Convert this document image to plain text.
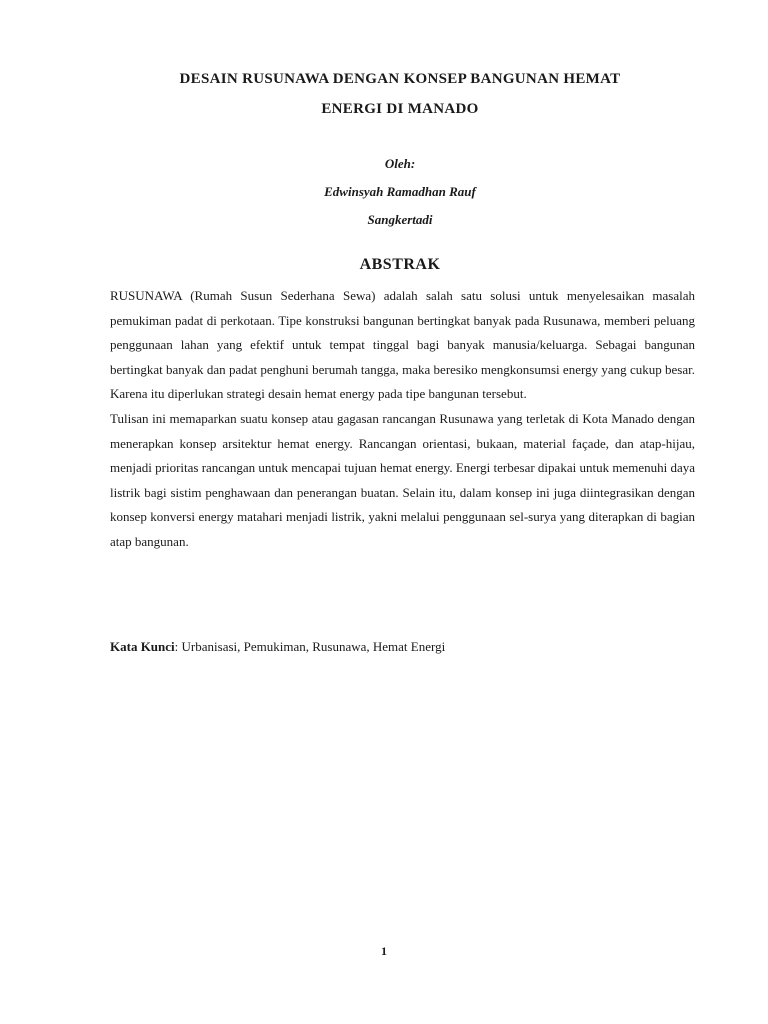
DESAIN RUSUNAWA DENGAN KONSEP BANGUNAN HEMAT
ENERGI DI MANADO
Oleh:
Edwinsyah Ramadhan Rauf
Sangkertadi
ABSTRAK

RUSUNAWA (Rumah Susun Sederhana Sewa) adalah salah satu solusi untuk menyelesaikan masalah pemukiman padat di perkotaan. Tipe konstruksi bangunan bertingkat banyak pada Rusunawa, memberi peluang penggunaan lahan yang efektif untuk tempat tinggal bagi banyak manusia/keluarga. Sebagai bangunan bertingkat banyak dan padat penghuni berumah tangga, maka beresiko mengkonsumsi energy yang cukup besar. Karena itu diperlukan strategi desain hemat energy pada tipe bangunan tersebut.

Tulisan ini memaparkan suatu konsep atau gagasan rancangan Rusunawa yang terletak di Kota Manado dengan menerapkan konsep arsitektur hemat energy. Rancangan orientasi, bukaan, material façade, dan atap-hijau, menjadi prioritas rancangan untuk mencapai tujuan hemat energy. Energi terbesar dipakai untuk memenuhi daya listrik bagi sistim penghawaan dan penerangan buatan. Selain itu, dalam konsep ini juga diintegrasikan dengan konsep konversi energy matahari menjadi listrik, yakni melalui penggunaan sel-surya yang diterapkan di bagian atap bangunan.

Kata Kunci: Urbanisasi, Pemukiman, Rusunawa, Hemat Energi

1
